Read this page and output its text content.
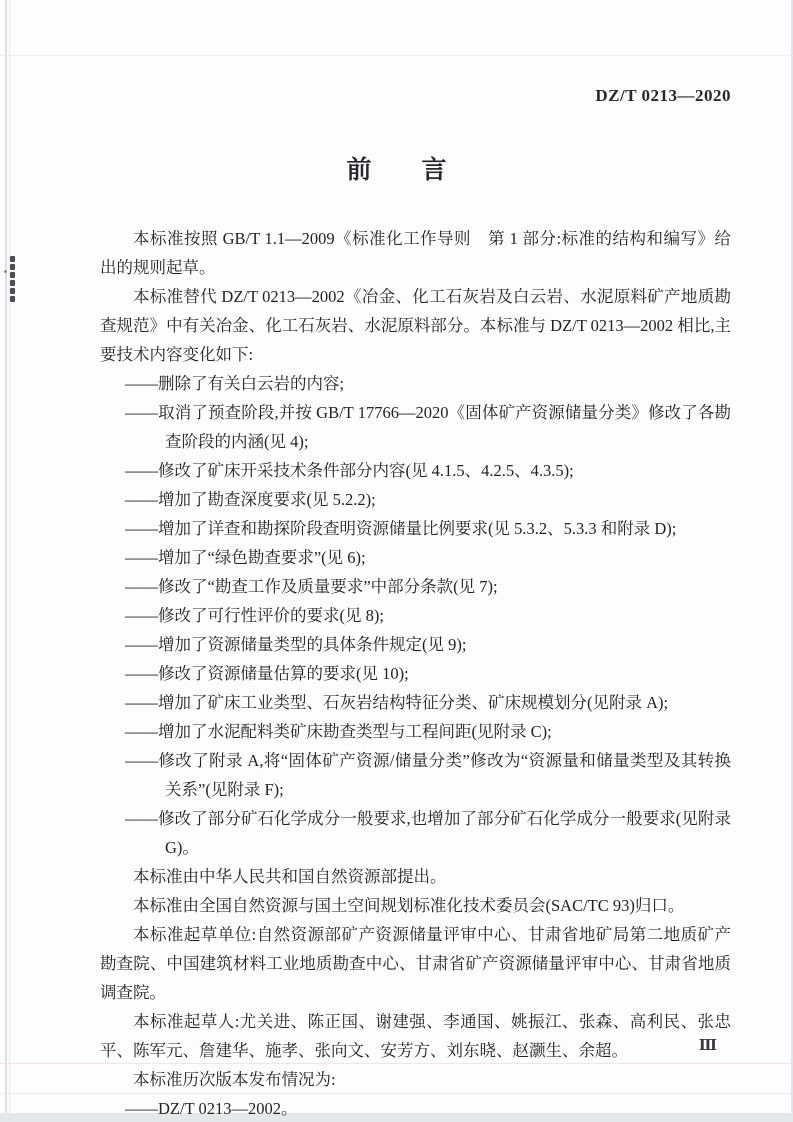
DZ/T 0213—2020
前　　言

本标准按照 GB/T 1.1—2009《标准化工作导则　第 1 部分:标准的结构和编写》给出的规则起草。

本标准替代 DZ/T 0213—2002《冶金、化工石灰岩及白云岩、水泥原料矿产地质勘查规范》中有关冶金、化工石灰岩、水泥原料部分。本标准与 DZ/T 0213—2002 相比,主要技术内容变化如下:

——删除了有关白云岩的内容;

——取消了预查阶段,并按 GB/T 17766—2020《固体矿产资源储量分类》修改了各勘查阶段的内涵(见 4);

——修改了矿床开采技术条件部分内容(见 4.1.5、4.2.5、4.3.5);

——增加了勘查深度要求(见 5.2.2);

——增加了详查和勘探阶段查明资源储量比例要求(见 5.3.2、5.3.3 和附录 D);

——增加了“绿色勘查要求”(见 6);

——修改了“勘查工作及质量要求”中部分条款(见 7);

——修改了可行性评价的要求(见 8);

——增加了资源储量类型的具体条件规定(见 9);

——修改了资源储量估算的要求(见 10);

——增加了矿床工业类型、石灰岩结构特征分类、矿床规模划分(见附录 A);

——增加了水泥配料类矿床勘查类型与工程间距(见附录 C);

——修改了附录 A,将“固体矿产资源/储量分类”修改为“资源量和储量类型及其转换关系”(见附录 F);

——修改了部分矿石化学成分一般要求,也增加了部分矿石化学成分一般要求(见附录 G)。

本标准由中华人民共和国自然资源部提出。

本标准由全国自然资源与国土空间规划标准化技术委员会(SAC/TC 93)归口。

本标准起草单位:自然资源部矿产资源储量评审中心、甘肃省地矿局第二地质矿产勘查院、中国建筑材料工业地质勘查中心、甘肃省矿产资源储量评审中心、甘肃省地质调查院。

本标准起草人:尤关进、陈正国、谢建强、李通国、姚振江、张森、高利民、张忠平、陈军元、詹建华、施孝、张向文、安芳方、刘东晓、赵灏生、余超。

本标准历次版本发布情况为:

——DZ/T 0213—2002。

Ⅲ
